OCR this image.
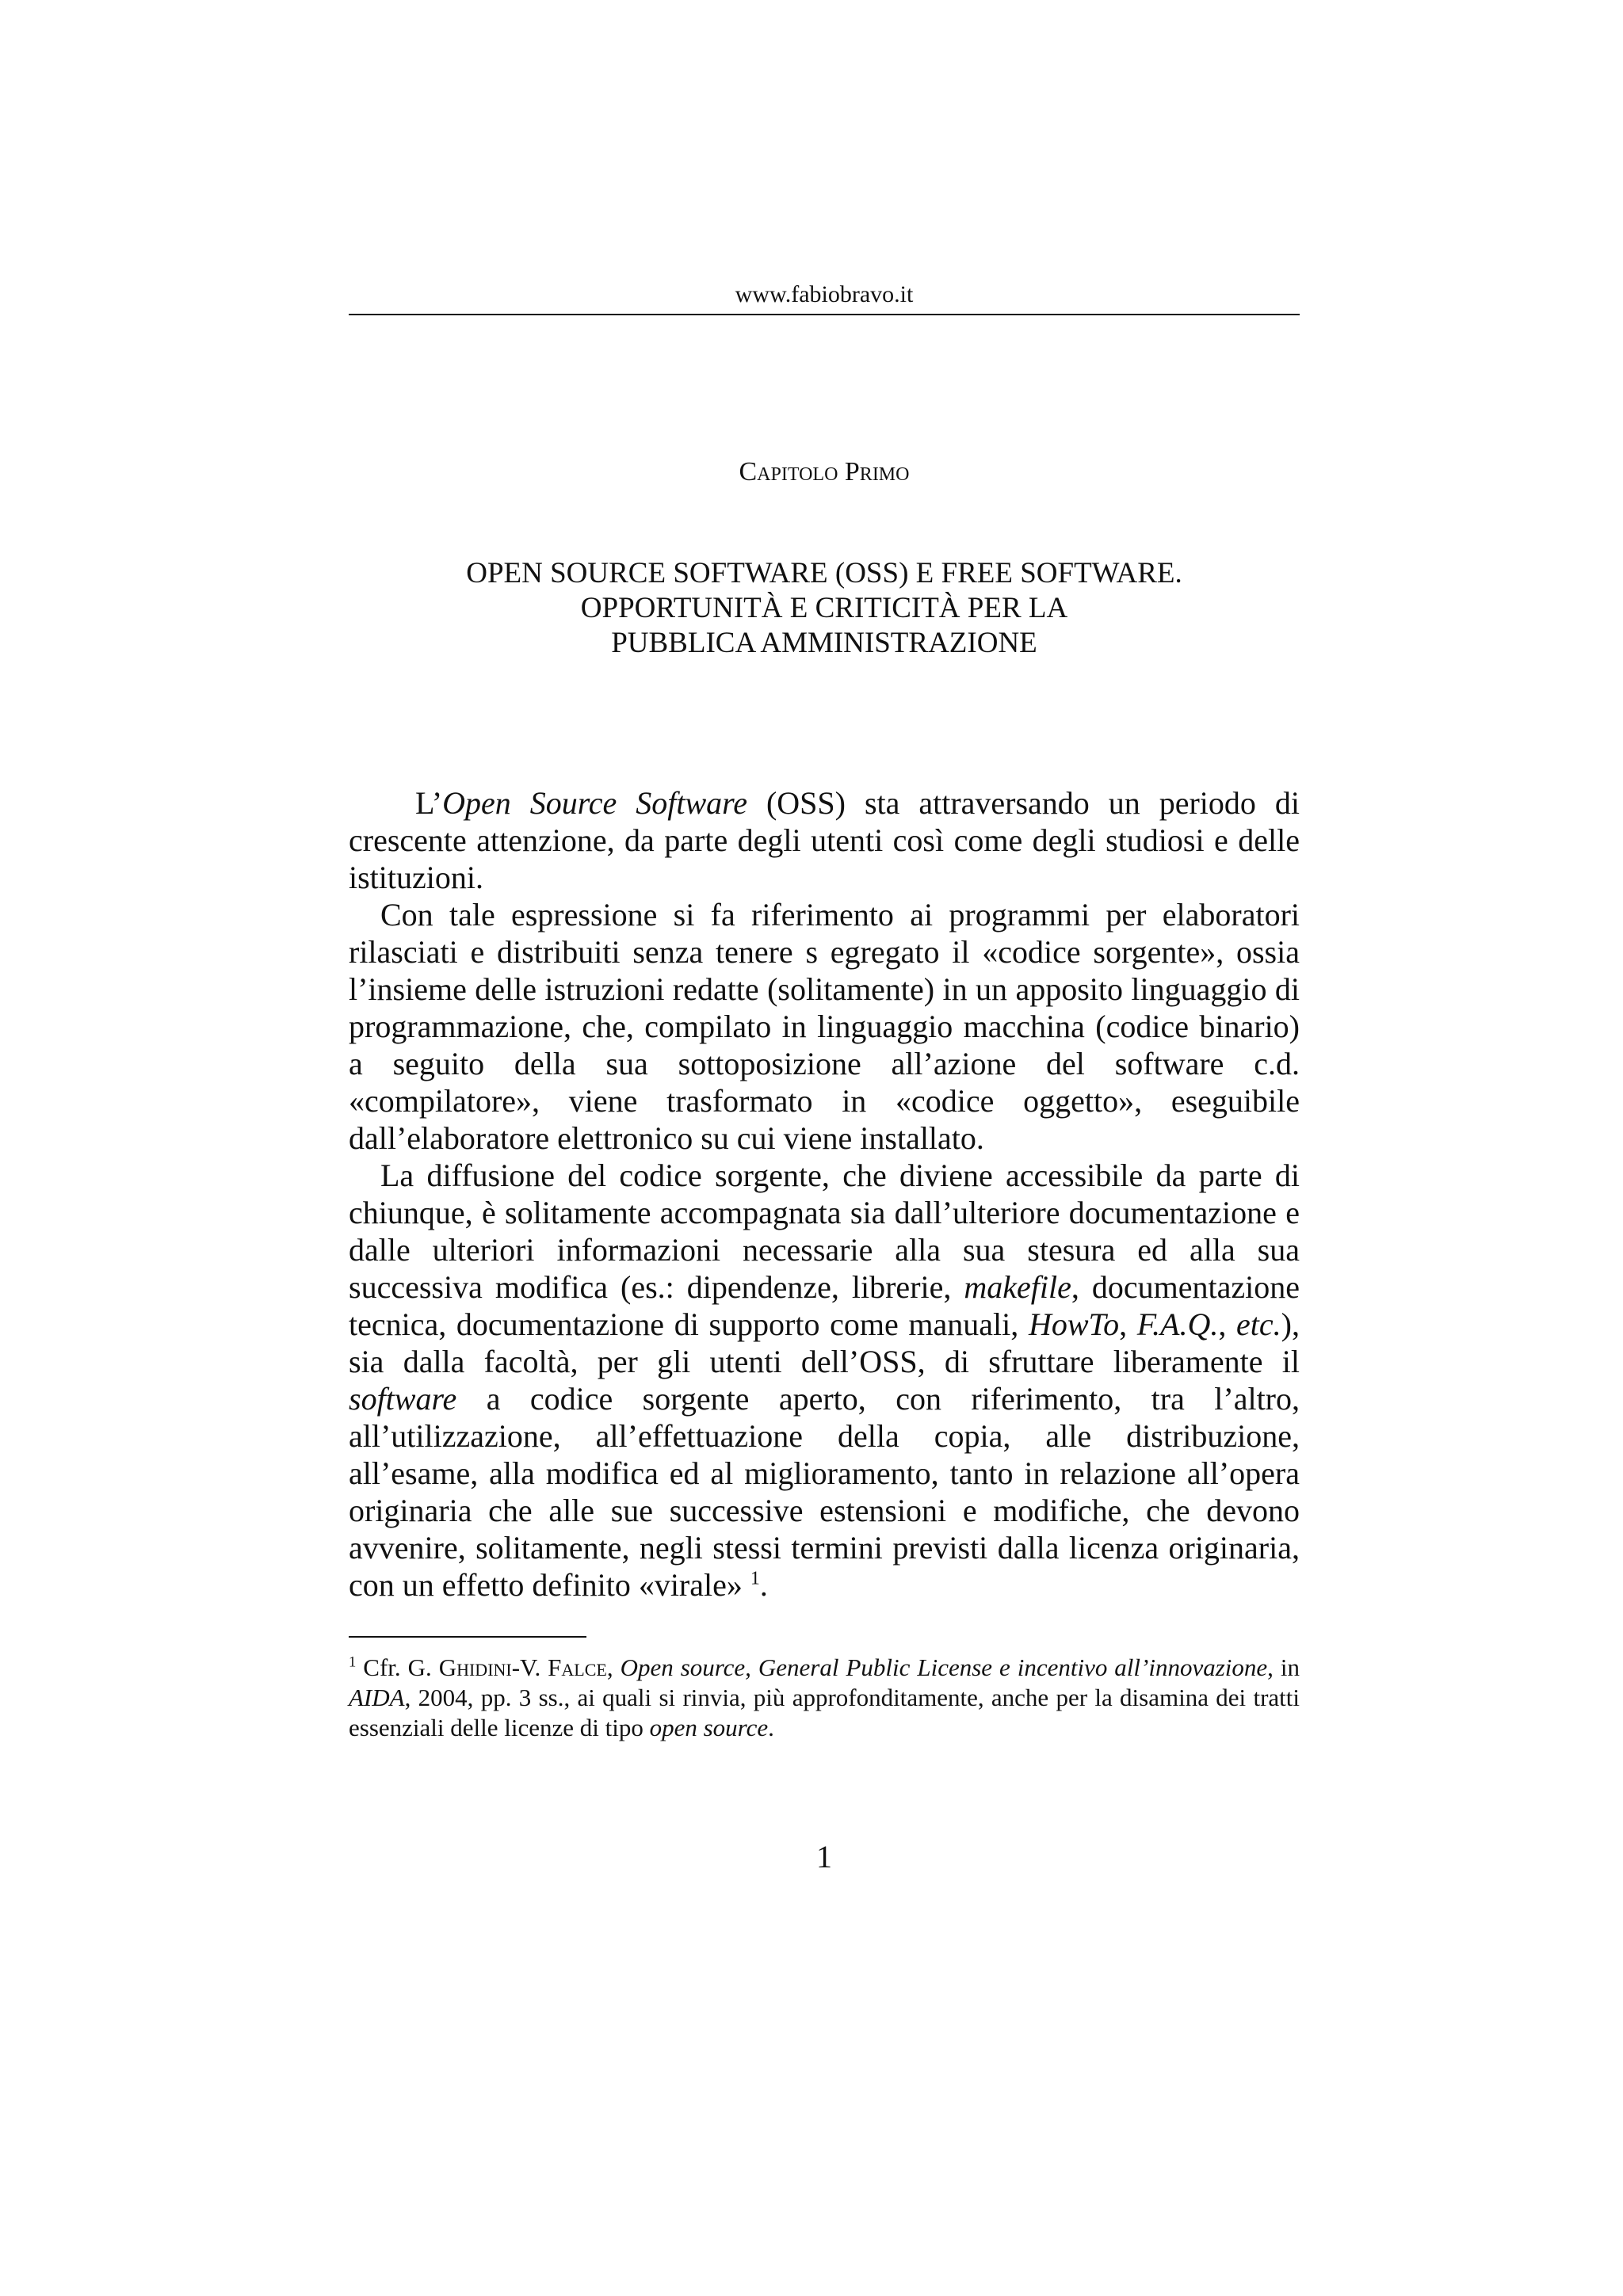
www.fabiobravo.it
Capitolo Primo
OPEN SOURCE SOFTWARE (OSS) E FREE SOFTWARE.
OPPORTUNITÀ E CRITICITÀ PER LA
PUBBLICA AMMINISTRAZIONE

L’Open Source Software (OSS) sta attraversando un periodo di crescente attenzione, da parte degli utenti così come degli studiosi e delle istituzioni.

Con tale espressione si fa riferimento ai programmi per elaboratori rilasciati e distribuiti senza tenere s egregato il «codice sorgente», ossia l’insieme delle istruzioni redatte (solitamente) in un apposito linguaggio di programmazione, che, compilato in linguaggio macchina (codice binario) a seguito della sua sottoposizione all’azione del software c.d. «compilatore», viene trasformato in «codice oggetto», eseguibile dall’elaboratore elettronico su cui viene installato.

La diffusione del codice sorgente, che diviene accessibile da parte di chiunque, è solitamente accompagnata sia dall’ulteriore documentazione e dalle ulteriori informazioni necessarie alla sua stesura ed alla sua successiva modifica (es.: dipendenze, librerie, makefile, documentazione tecnica, documentazione di supporto come manuali, HowTo, F.A.Q., etc.), sia dalla facoltà, per gli utenti dell’OSS, di sfruttare liberamente il software a codice sorgente aperto, con riferimento, tra l’altro, all’utilizzazione, all’effettuazione della copia, alle distribuzione, all’esame, alla modifica ed al miglioramento, tanto in relazione all’opera originaria che alle sue successive estensioni e modifiche, che devono avvenire, solitamente, negli stessi termini previsti dalla licenza originaria, con un effetto definito «virale» $^1$.

$^1$ Cfr. G. Ghidini-V. Falce, Open source, General Public License e incentivo all’innovazione, in AIDA, 2004, pp. 3 ss., ai quali si rinvia, più approfonditamente, anche per la disamina dei tratti essenziali delle licenze di tipo open source.

1
